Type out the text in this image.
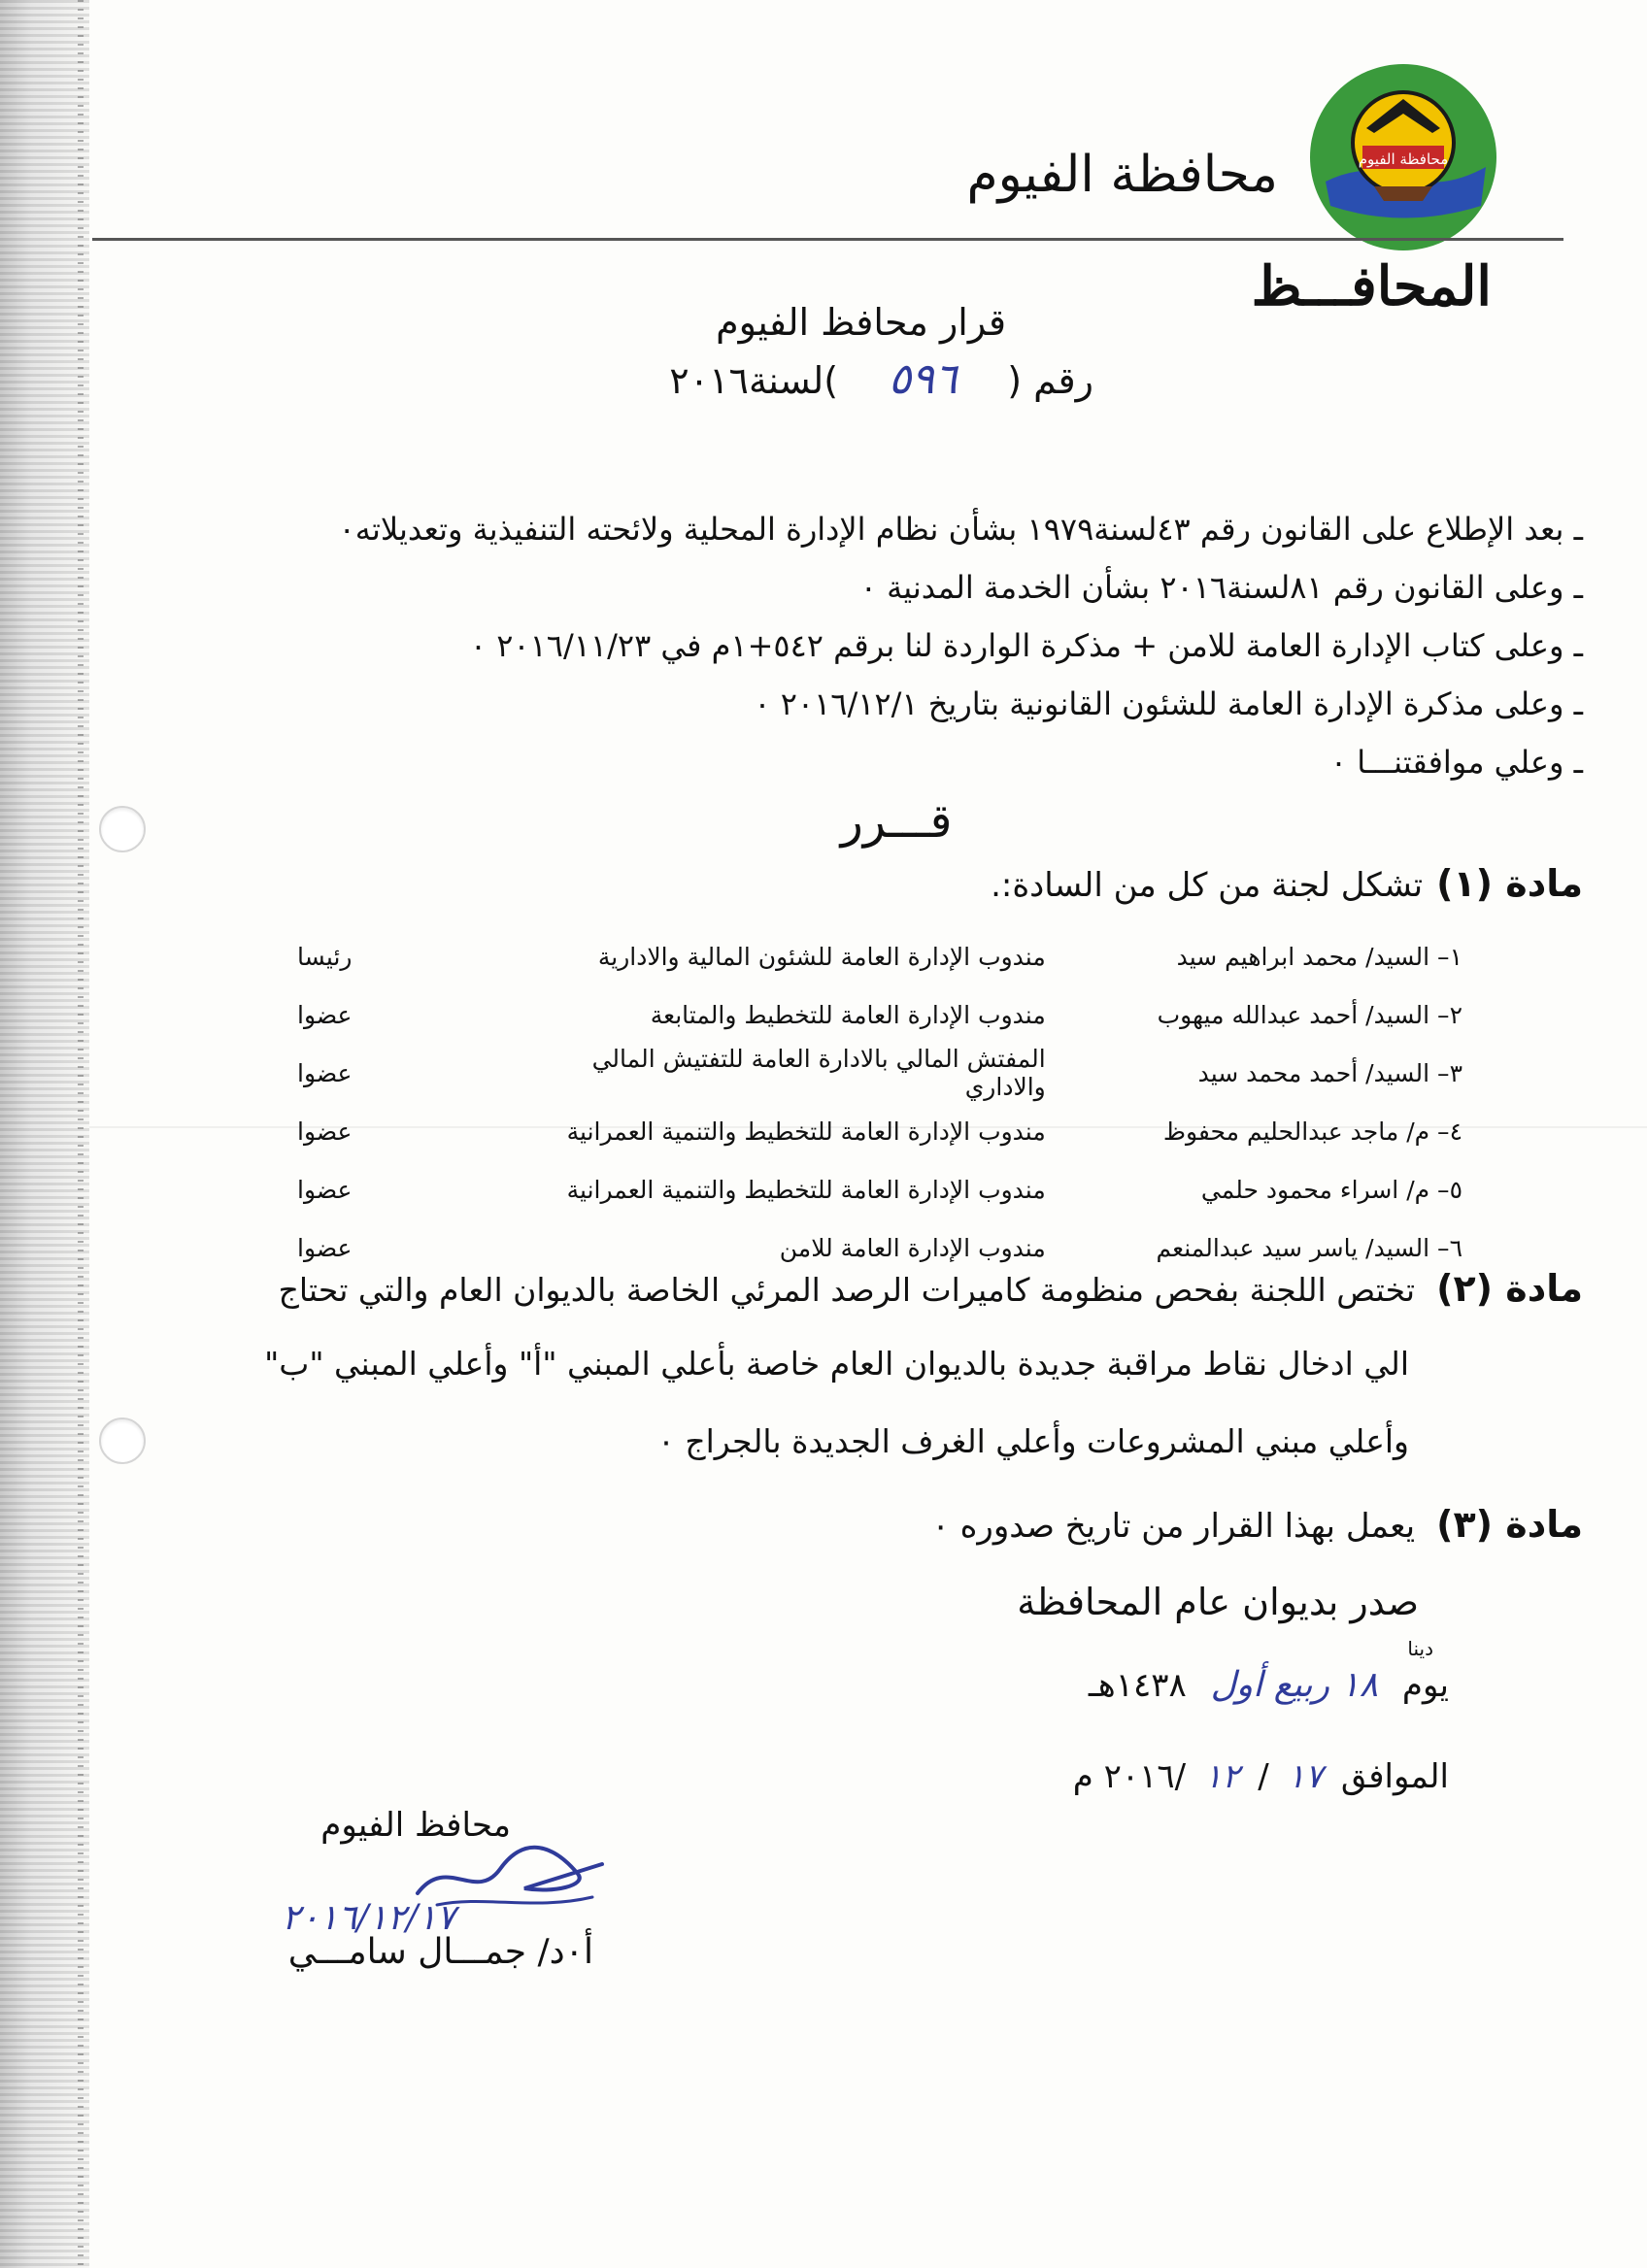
محافظة الفيوم
محافظة الفيوم
المحافـــظ
قرار محافظ الفيوم
رقم ( ٥٩٦ )لسنة٢٠١٦
ـ بعد الإطلاع على القانون رقم ٤٣لسنة١٩٧٩ بشأن نظام الإدارة المحلية ولائحته التنفيذية وتعديلاته٠
ـ وعلى القانون رقم ٨١لسنة٢٠١٦ بشأن الخدمة المدنية ٠
ـ وعلى كتاب الإدارة العامة للامن + مذكرة الواردة لنا برقم ٥٤٢+١م في ٢٠١٦/١١/٢٣ ٠
ـ وعلى مذكرة الإدارة العامة للشئون القانونية بتاريخ ٢٠١٦/١٢/١ ٠
ـ وعلي موافقتنـــا ٠
قـــرر
مادة (١)
تشكل لجنة من كل من السادة:.
١– السيد/ محمد ابراهيم سيد
مندوب الإدارة العامة للشئون المالية والادارية
رئيسا
٢– السيد/ أحمد عبدالله ميهوب
مندوب الإدارة العامة للتخطيط والمتابعة
عضوا
٣– السيد/ أحمد محمد سيد
المفتش المالي بالادارة العامة للتفتيش المالي والاداري
عضوا
٤– م/ ماجد عبدالحليم محفوظ
مندوب الإدارة العامة للتخطيط والتنمية العمرانية
عضوا
٥– م/ اسراء محمود حلمي
مندوب الإدارة العامة للتخطيط والتنمية العمرانية
عضوا
٦– السيد/ ياسر سيد عبدالمنعم
مندوب الإدارة العامة للامن
عضوا
مادة (٢)
تختص اللجنة بفحص منظومة كاميرات الرصد المرئي الخاصة بالديوان العام والتي تحتاج
الي ادخال نقاط مراقبة جديدة بالديوان العام خاصة بأعلي المبني "أ" وأعلي المبني "ب"
وأعلي مبني المشروعات وأعلي الغرف الجديدة بالجراج ٠
مادة (٣)
يعمل بهذا القرار من تاريخ صدوره ٠
صدر بديوان عام المحافظة
دينا
يوم ١٨ ربيع أول ١٤٣٨هـ
الموافق ١٧ / ١٢ /٢٠١٦ م
محافظ الفيوم
٢٠١٦/١٢/١٧
أ٠د/ جمـــال سامـــي
